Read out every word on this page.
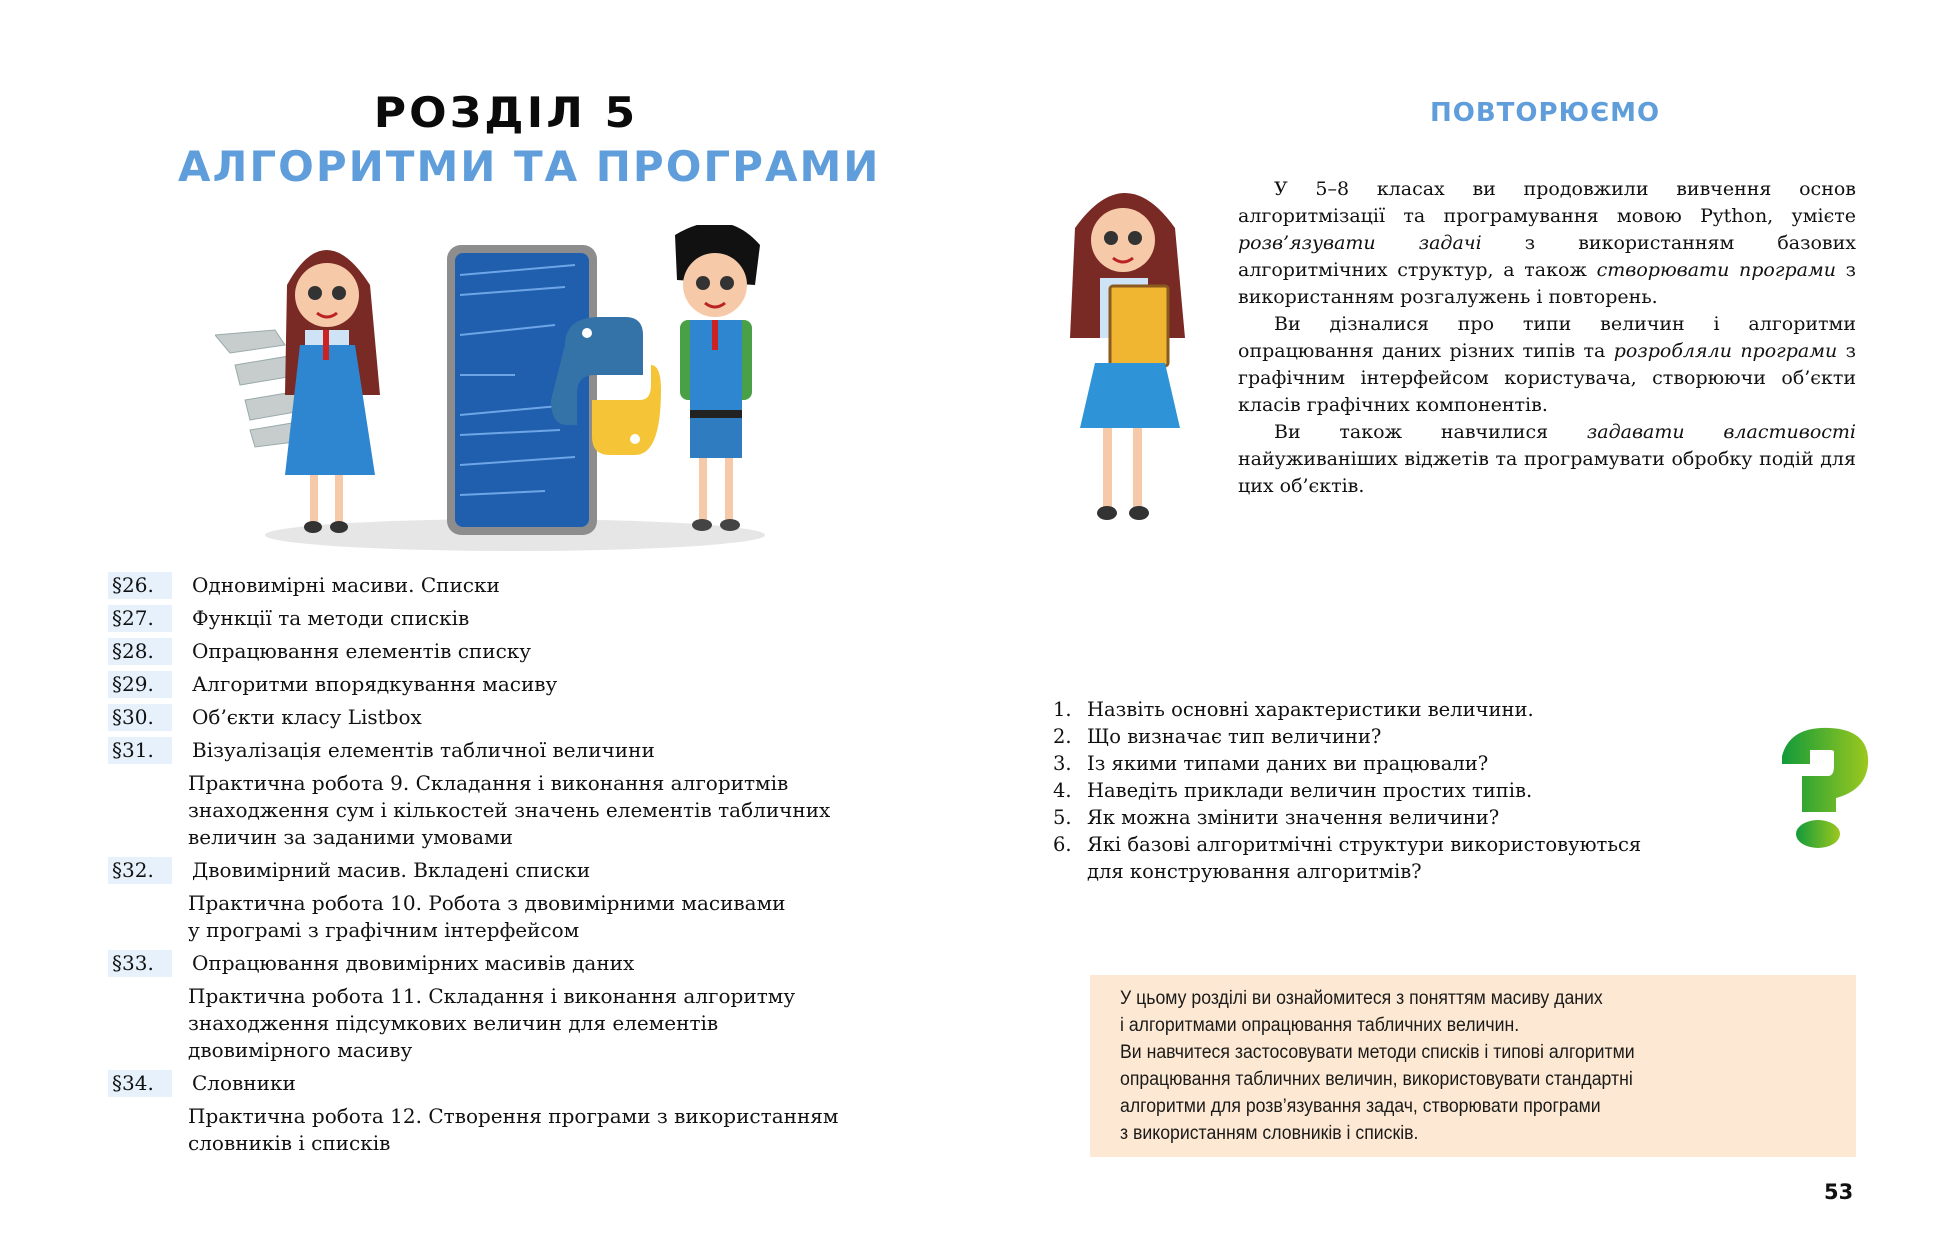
РОЗДІЛ 5
АЛГОРИТМИ ТА ПРОГРАМИ
§26.	Одновимірні масиви. Списки
§27.	Функції та методи списків
§28.	Опрацювання елементів списку
§29.	Алгоритми впорядкування масиву
§30.	Об’єкти класу Listbox
§31.	Візуалізація елементів табличної величини
Практична робота 9. Складання і виконання алгоритмів
знаходження сум і кількостей значень елементів табличних
величин за заданими умовами
§32.	Двовимірний масив. Вкладені списки
Практична робота 10. Робота з двовимірними масивами
у програмі з графічним інтерфейсом
§33.	Опрацювання двовимірних масивів даних
Практична робота 11. Складання і виконання алгоритму
знаходження підсумкових величин для елементів
двовимірного масиву
§34.	Словники
Практична робота 12. Створення програми з використанням
словників і списків
ПОВТОРЮЄМО

У 5–8 класах ви продовжили вивчення основ алгоритмізації та програмування мовою Python, умієте розв’язувати задачі з використанням базових алгоритмічних структур, а також створювати програми з використанням розгалужень і повторень.

Ви дізналися про типи величин і алгоритми опрацювання даних різних типів та розробляли програми з графічним інтерфейсом користувача, створюючи об’єкти класів графічних компонентів.

Ви також навчилися задавати властивості найуживаніших віджетів та програмувати обробку подій для цих об’єктів.

1. Назвіть основні характеристики величини.
2. Що визначає тип величини?
3. Із якими типами даних ви працювали?
4. Наведіть приклади величин простих типів.
5. Як можна змінити значення величини?
6. Які базові алгоритмічні структури використовуються
для конструювання алгоритмів?
У цьому розділі ви ознайомитеся з поняттям масиву даних
і алгоритмами опрацювання табличних величин.
Ви навчитеся застосовувати методи списків і типові алгоритми
опрацювання табличних величин, використовувати стандартні
алгоритми для розв’язування задач, створювати програми
з використанням словників і списків.
53
